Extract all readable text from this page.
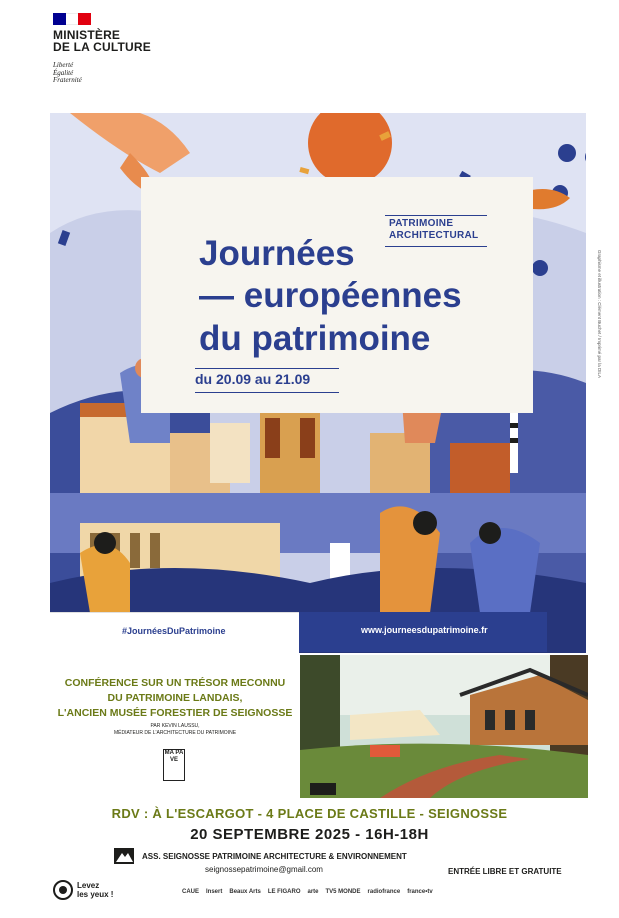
MINISTÈRE
DE LA CULTURE
Liberté
Égalité
Fraternité
PATRIMOINE
ARCHITECTURAL
Journées
— européennes
du patrimoine
du 20.09 au 21.09
Graphisme et illustration : Clément Buchet / Imprimé par la DILA
#JournéesDuPatrimoine	www.journeesdupatrimoine.fr
CONFÉRENCE SUR UN TRÉSOR MECONNU
DU PATRIMOINE LANDAIS,
L'ANCIEN MUSÉE FORESTIER DE SEIGNOSSE
PAR KEVIN LAUSSU,
MÉDIATEUR DE L'ARCHITECTURE DU PATRIMOINE
MA PA VE
RDV : À L'ESCARGOT - 4 PLACE DE CASTILLE - SEIGNOSSE
20 SEPTEMBRE 2025 - 16H-18H
ASS. SEIGNOSSE PATRIMOINE ARCHITECTURE & ENVIRONNEMENT
seignossepatrimoine@gmail.com	ENTRÉE LIBRE ET GRATUITE
Levez
les yeux !	CAUE Insert Beaux Arts LE FIGARO arte TV5 MONDE radiofrance france•tv
